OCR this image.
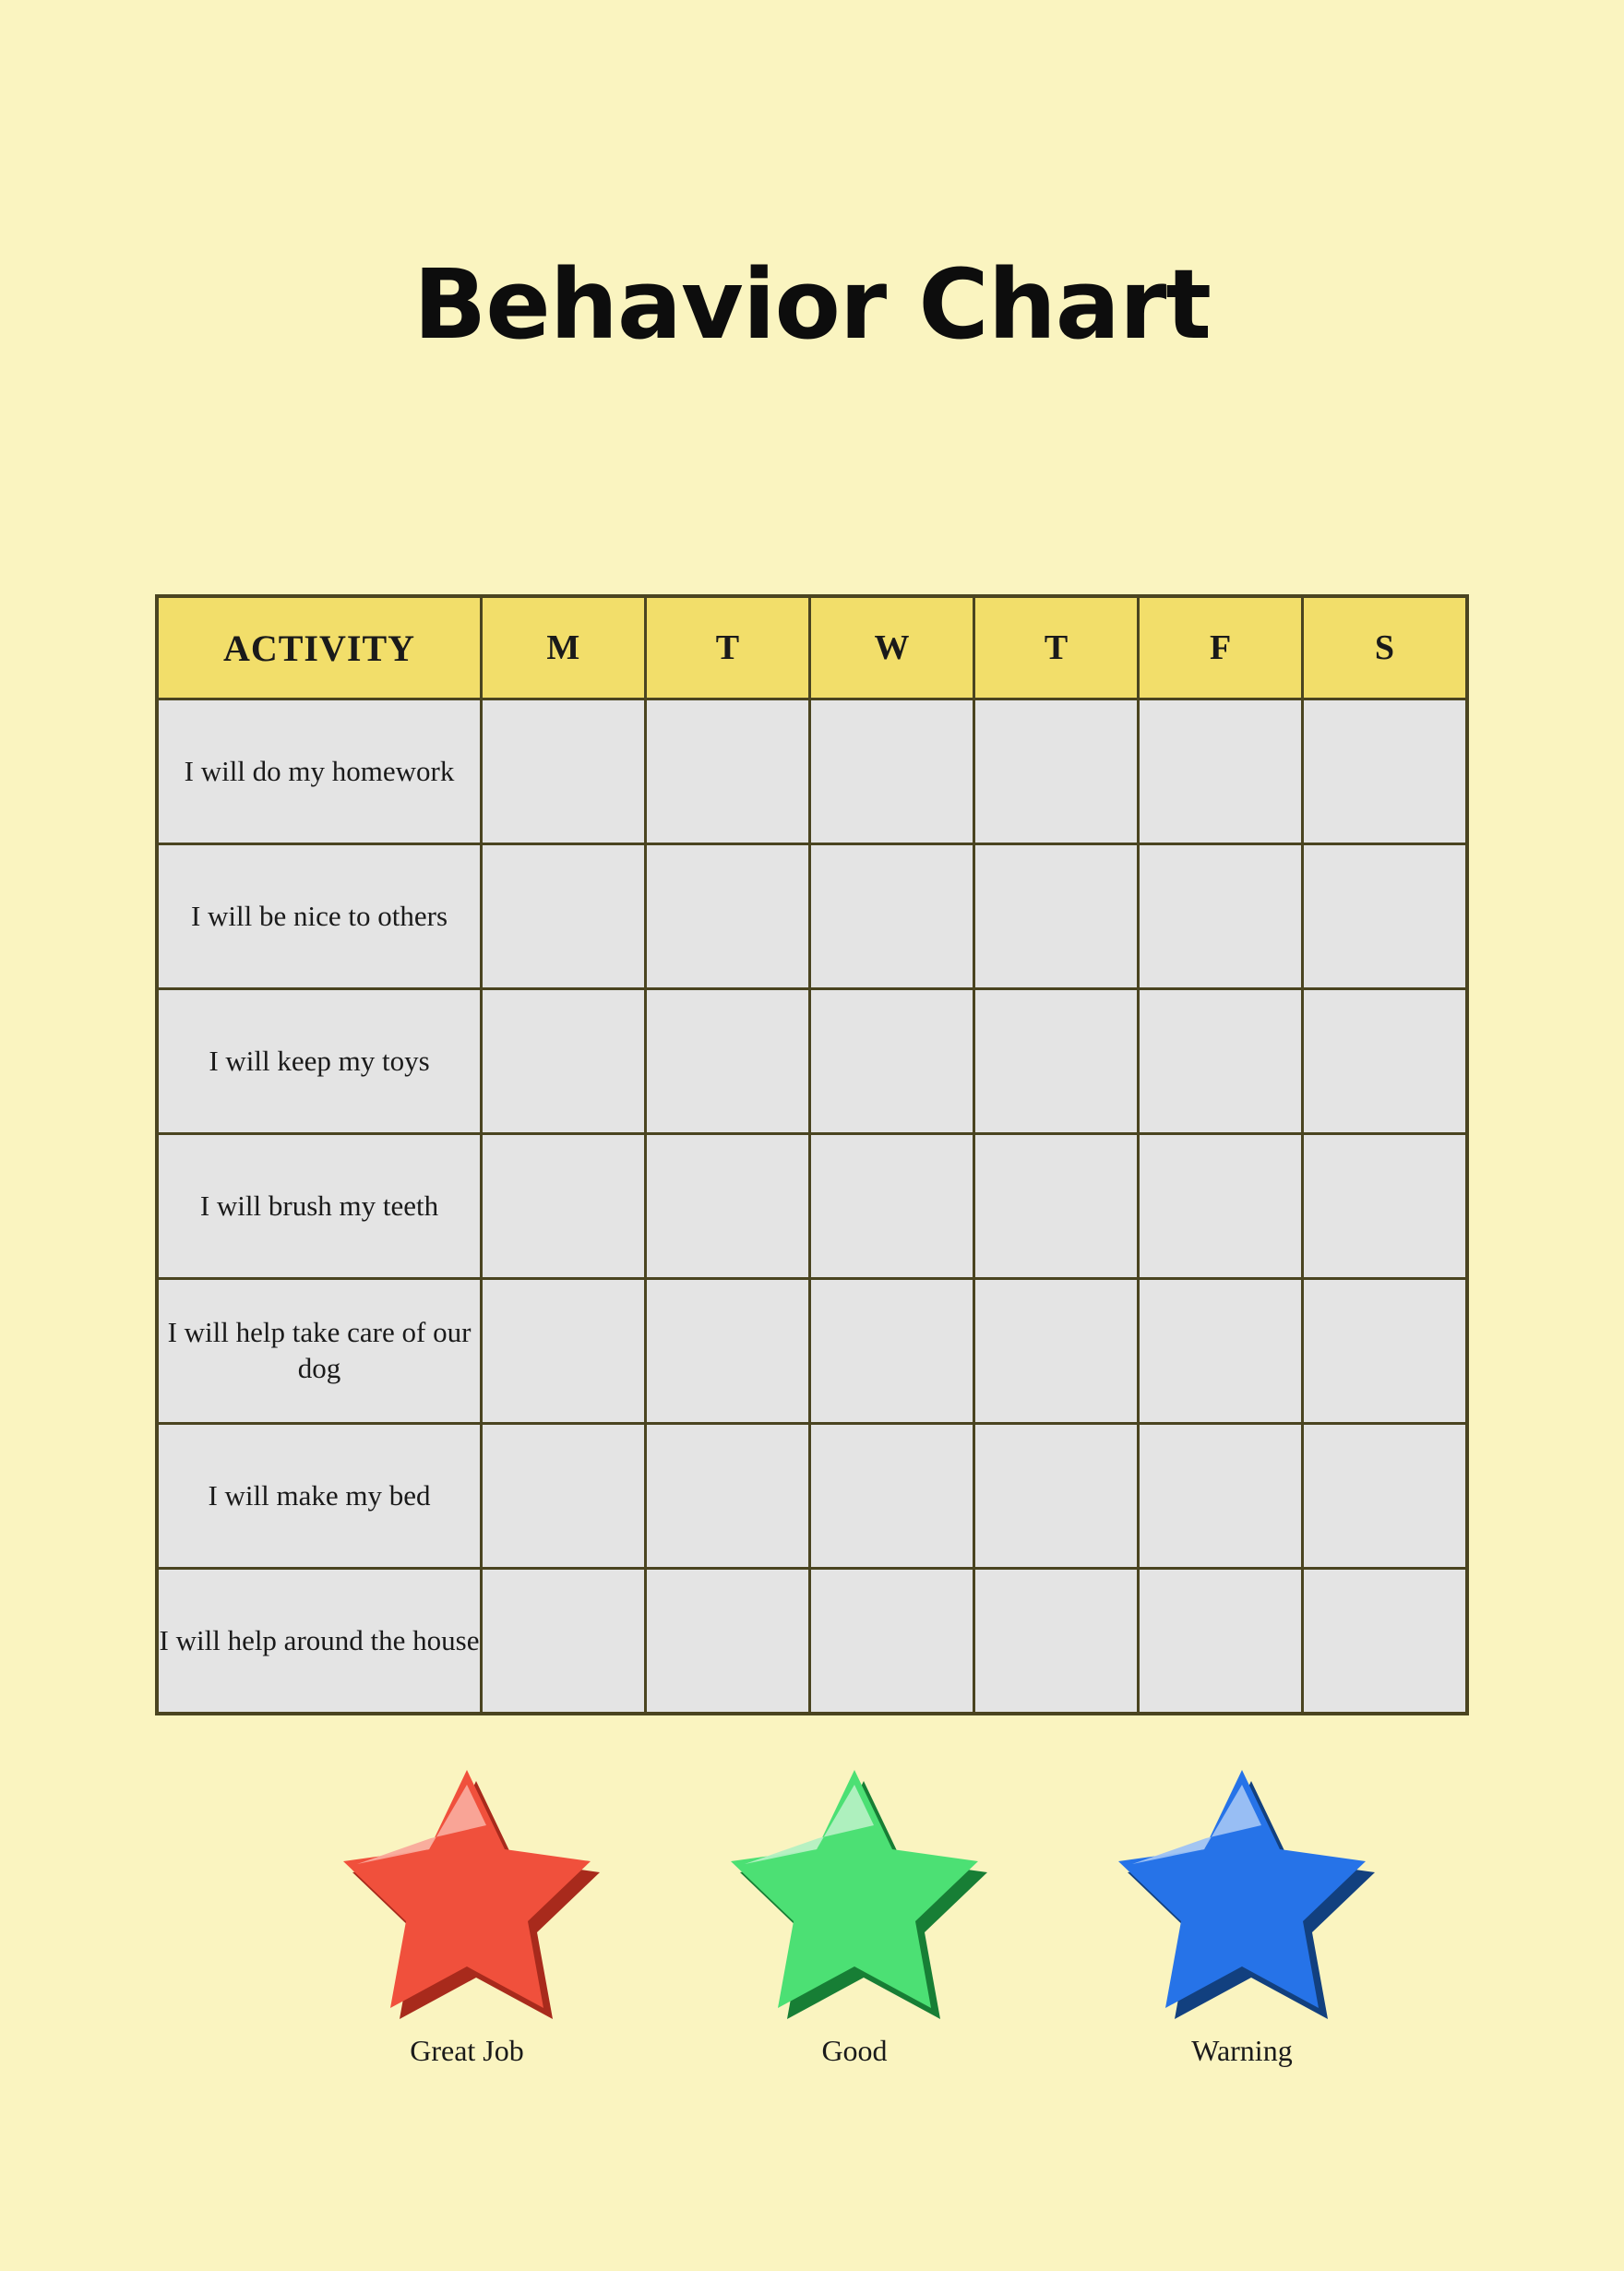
Behavior Chart
ACTIVITY	M	T	W	T	F	S
I will do my homework						
I will be nice to others						
I will keep my toys						
I will brush my teeth						
I will help take care of our dog						
I will make my bed						
I will help around the house						
Great Job	Good	Warning
